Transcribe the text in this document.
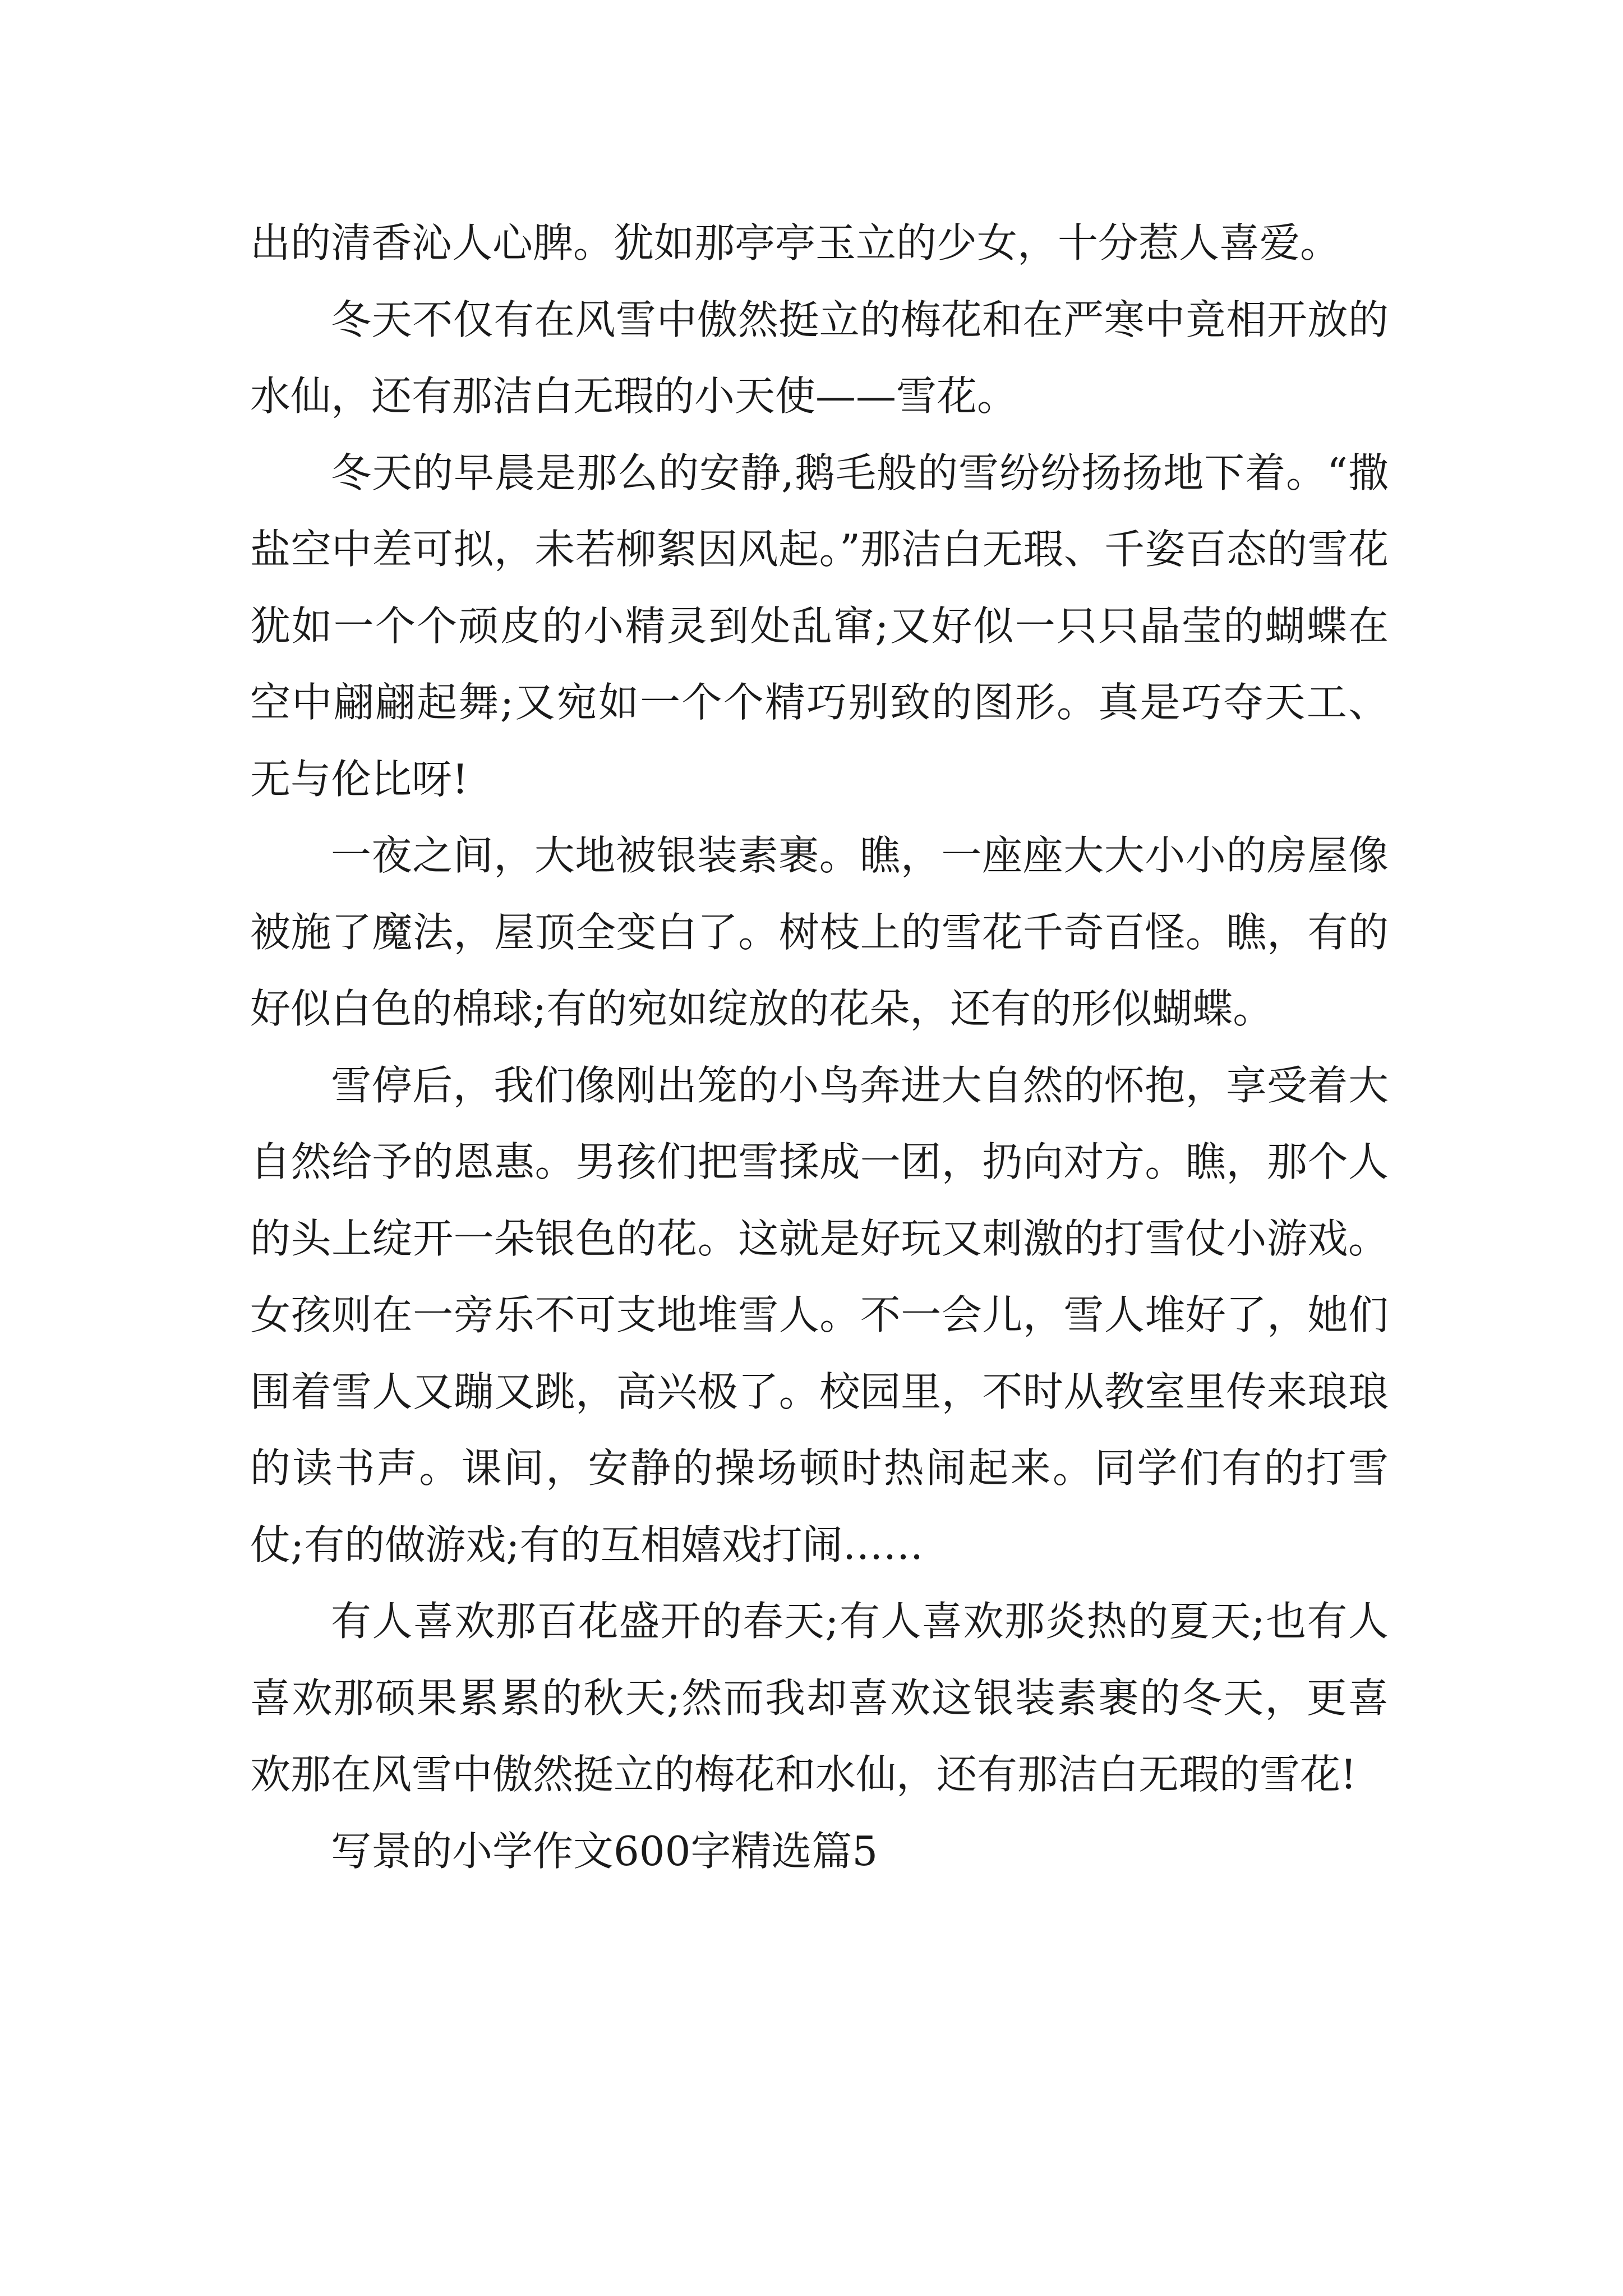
出的清香沁人心脾。犹如那亭亭玉立的少女，十分惹人喜爱。

冬天不仅有在风雪中傲然挺立的梅花和在严寒中竟相开放的水仙，还有那洁白无瑕的小天使——雪花。

冬天的早晨是那么的安静,鹅毛般的雪纷纷扬扬地下着。“撒盐空中差可拟，未若柳絮因风起。”那洁白无瑕、千姿百态的雪花犹如一个个顽皮的小精灵到处乱窜;又好似一只只晶莹的蝴蝶在空中翩翩起舞;又宛如一个个精巧别致的图形。真是巧夺天工、无与伦比呀!

一夜之间，大地被银装素裹。瞧，一座座大大小小的房屋像被施了魔法，屋顶全变白了。树枝上的雪花千奇百怪。瞧，有的好似白色的棉球;有的宛如绽放的花朵，还有的形似蝴蝶。

雪停后，我们像刚出笼的小鸟奔进大自然的怀抱，享受着大自然给予的恩惠。男孩们把雪揉成一团，扔向对方。瞧，那个人的头上绽开一朵银色的花。这就是好玩又刺激的打雪仗小游戏。女孩则在一旁乐不可支地堆雪人。不一会儿，雪人堆好了，她们围着雪人又蹦又跳，高兴极了。校园里，不时从教室里传来琅琅的读书声。课间，安静的操场顿时热闹起来。同学们有的打雪仗;有的做游戏;有的互相嬉戏打闹……

有人喜欢那百花盛开的春天;有人喜欢那炎热的夏天;也有人喜欢那硕果累累的秋天;然而我却喜欢这银装素裹的冬天，更喜欢那在风雪中傲然挺立的梅花和水仙，还有那洁白无瑕的雪花!

写景的小学作文600字精选篇5
